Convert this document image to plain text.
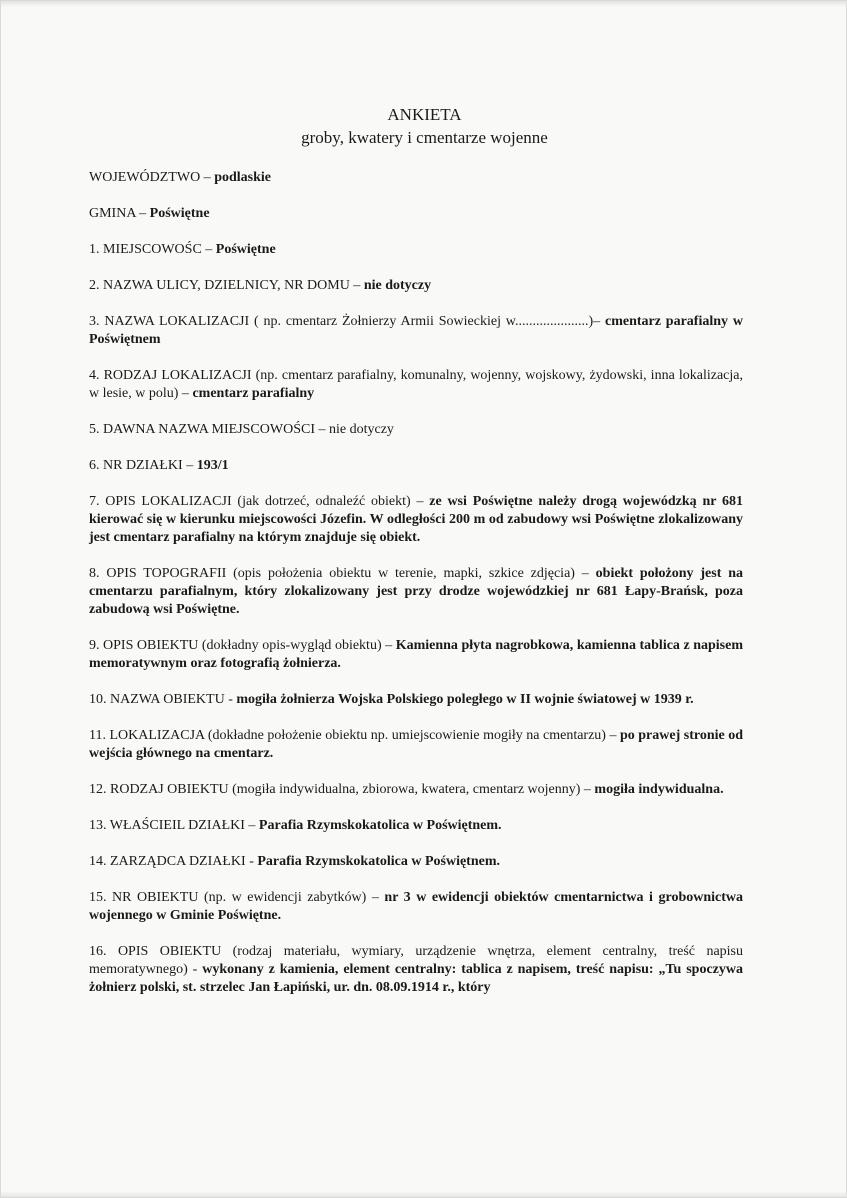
ANKIETA
groby, kwatery i cmentarze wojenne

WOJEWÓDZTWO – podlaskie

GMINA – Poświętne

1. MIEJSCOWOŚC – Poświętne

2. NAZWA ULICY, DZIELNICY, NR DOMU – nie dotyczy

3. NAZWA LOKALIZACJI ( np. cmentarz Żołnierzy Armii Sowieckiej w.....................)– cmentarz parafialny w Poświętnem

4. RODZAJ LOKALIZACJI (np. cmentarz parafialny, komunalny, wojenny, wojskowy, żydowski, inna lokalizacja, w lesie, w polu) – cmentarz parafialny

5. DAWNA NAZWA MIEJSCOWOŚCI – nie dotyczy

6. NR DZIAŁKI – 193/1

7. OPIS LOKALIZACJI (jak dotrzeć, odnaleźć obiekt) – ze wsi Poświętne należy drogą wojewódzką nr 681 kierować się w kierunku miejscowości Józefin. W odległości 200 m od zabudowy wsi Poświętne zlokalizowany jest cmentarz parafialny na którym znajduje się obiekt.

8. OPIS TOPOGRAFII (opis położenia obiektu w terenie, mapki, szkice zdjęcia) – obiekt położony jest na cmentarzu parafialnym, który zlokalizowany jest przy drodze wojewódzkiej nr 681 Łapy-Brańsk, poza zabudową wsi Poświętne.

9. OPIS OBIEKTU (dokładny opis-wygląd obiektu) – Kamienna płyta nagrobkowa, kamienna tablica z napisem memoratywnym oraz fotografią żołnierza.

10. NAZWA OBIEKTU - mogiła żołnierza Wojska Polskiego poległego w II wojnie światowej w 1939 r.

11. LOKALIZACJA (dokładne położenie obiektu np. umiejscowienie mogiły na cmentarzu) – po prawej stronie od wejścia głównego na cmentarz.

12. RODZAJ OBIEKTU (mogiła indywidualna, zbiorowa, kwatera, cmentarz wojenny) – mogiła indywidualna.

13. WŁAŚCIEIL DZIAŁKI – Parafia Rzymskokatolica w Poświętnem.

14. ZARZĄDCA DZIAŁKI - Parafia Rzymskokatolica w Poświętnem.

15. NR OBIEKTU (np. w ewidencji zabytków) – nr 3 w ewidencji obiektów cmentarnictwa i grobownictwa wojennego w Gminie Poświętne.

16. OPIS OBIEKTU (rodzaj materiału, wymiary, urządzenie wnętrza, element centralny, treść napisu memoratywnego) - wykonany z kamienia, element centralny: tablica z napisem, treść napisu: „Tu spoczywa żołnierz polski, st. strzelec Jan Łapiński, ur. dn. 08.09.1914 r., który
